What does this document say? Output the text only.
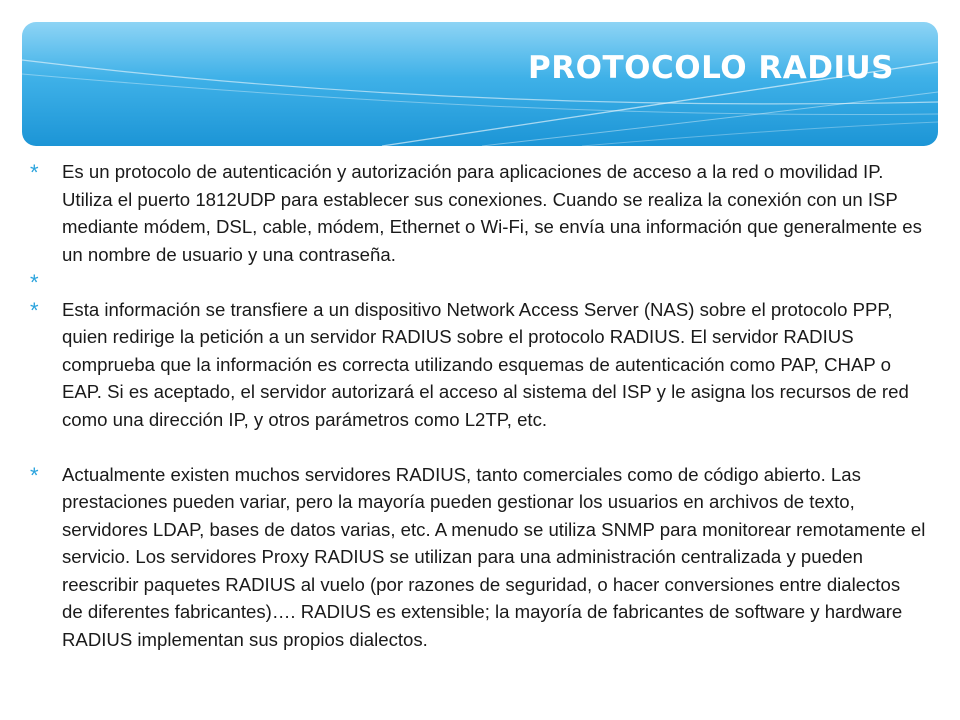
PROTOCOLO RADIUS
* Es un protocolo de autenticación y autorización para aplicaciones de acceso a la red o movilidad IP. Utiliza el puerto 1812UDP para establecer sus conexiones. Cuando se realiza la conexión con un ISP mediante módem, DSL, cable, módem, Ethernet o Wi-Fi, se envía una información que generalmente es un nombre de usuario y una contraseña.
*
* Esta información se transfiere a un dispositivo Network Access Server (NAS) sobre el protocolo PPP, quien redirige la petición a un servidor RADIUS sobre el protocolo RADIUS. El servidor RADIUS comprueba que la información es correcta utilizando esquemas de autenticación como PAP, CHAP o EAP. Si es aceptado, el servidor autorizará el acceso al sistema del ISP y le asigna los recursos de red como una dirección IP, y otros parámetros como L2TP, etc.
* Actualmente existen muchos servidores RADIUS, tanto comerciales como de código abierto. Las prestaciones pueden variar, pero la mayoría pueden gestionar los usuarios en archivos de texto, servidores LDAP, bases de datos varias, etc. A menudo se utiliza SNMP para monitorear remotamente el servicio. Los servidores Proxy RADIUS se utilizan para una administración centralizada y pueden reescribir paquetes RADIUS al vuelo (por razones de seguridad, o hacer conversiones entre dialectos de diferentes fabricantes)…. RADIUS es extensible; la mayoría de fabricantes de software y hardware RADIUS implementan sus propios dialectos.
